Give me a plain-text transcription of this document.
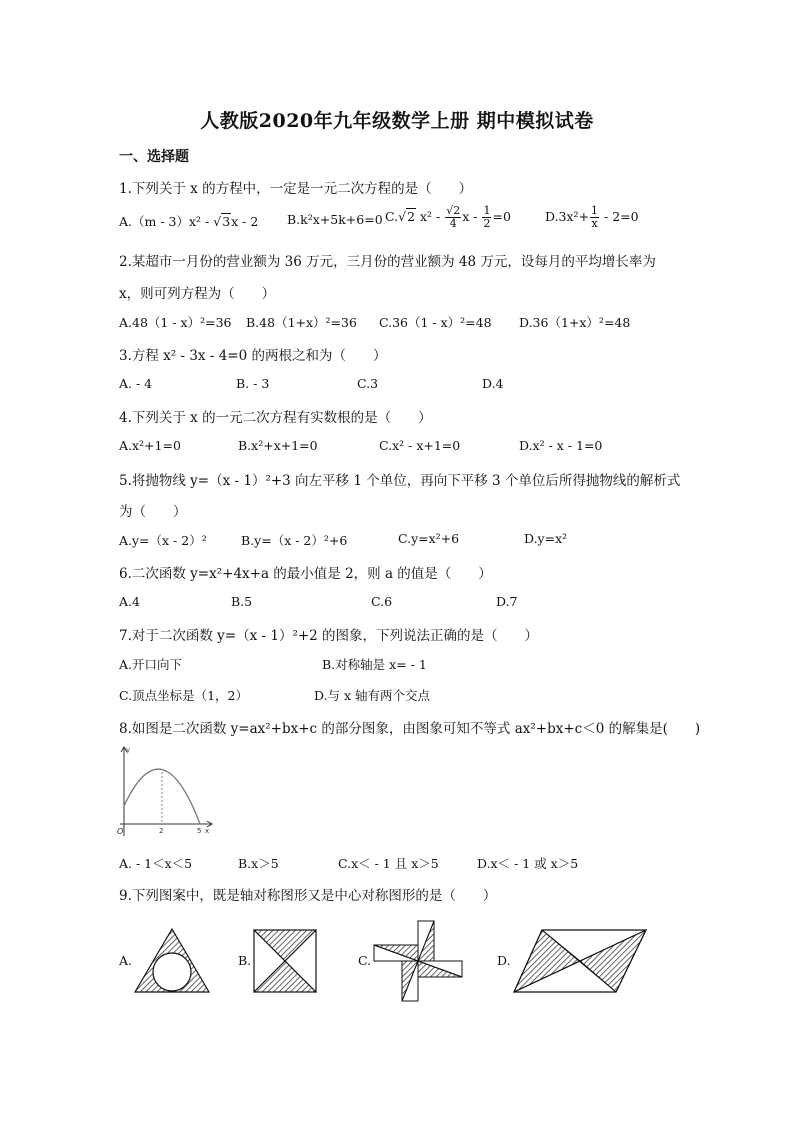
人教版2020年九年级数学上册 期中模拟试卷
一、选择题
1.下列关于 x 的方程中，一定是一元二次方程的是（　　）
A.（m - 3）x² - √3x - 2 B.k²x+5k+6=0 C.√2 $x^2 - \frac{√2}{4}$ $x - \frac{1}{2} =0$	$D.3x^2+ \frac{1}{x} - 2=0$
2.某超市一月份的营业额为 36 万元，三月份的营业额为 48 万元，设每月的平均增长率为
x，则可列方程为（　　）
A.48（1 - x）²=36 B.48（1+x）²=36 C.36（1 - x）²=48 D.36（1+x）²=48
3.方程 x² - 3x - 4=0 的两根之和为（　　）
A. - 4	B. - 3	C.3	D.4
4.下列关于 x 的一元二次方程有实数根的是（　　）
A.x²+1=0	B.x²+x+1=0	C.x² - x+1=0	D.x² - x - 1=0
5.将抛物线 y=（x - 1）²+3 向左平移 1 个单位，再向下平移 3 个单位后所得抛物线的解析式
为（　　）
A.y=（x - 2）²	B.y=（x - 2）²+6	C.y=x²+6	D.y=x²
6.二次函数 y=x²+4x+a 的最小值是 2，则 a 的值是（　　）
A.4	B.5	C.6	D.7
7.对于二次函数 y=（x - 1）²+2 的图象，下列说法正确的是（　　）
A.开口向下	B.对称轴是 x= - 1
C.顶点坐标是（1，2）	D.与 x 轴有两个交点
8.如图是二次函数 y=ax²+bx+c 的部分图象，由图象可知不等式 ax²+bx+c＜0 的解集是(　　)
y
O	2	5 x
A. - 1＜x＜5	B.x＞5	C.x＜ - 1 且 x＞5	D.x＜ - 1 或 x＞5
9.下列图案中，既是轴对称图形又是中心对称图形的是（　　）
A.	B.	C.	D.
